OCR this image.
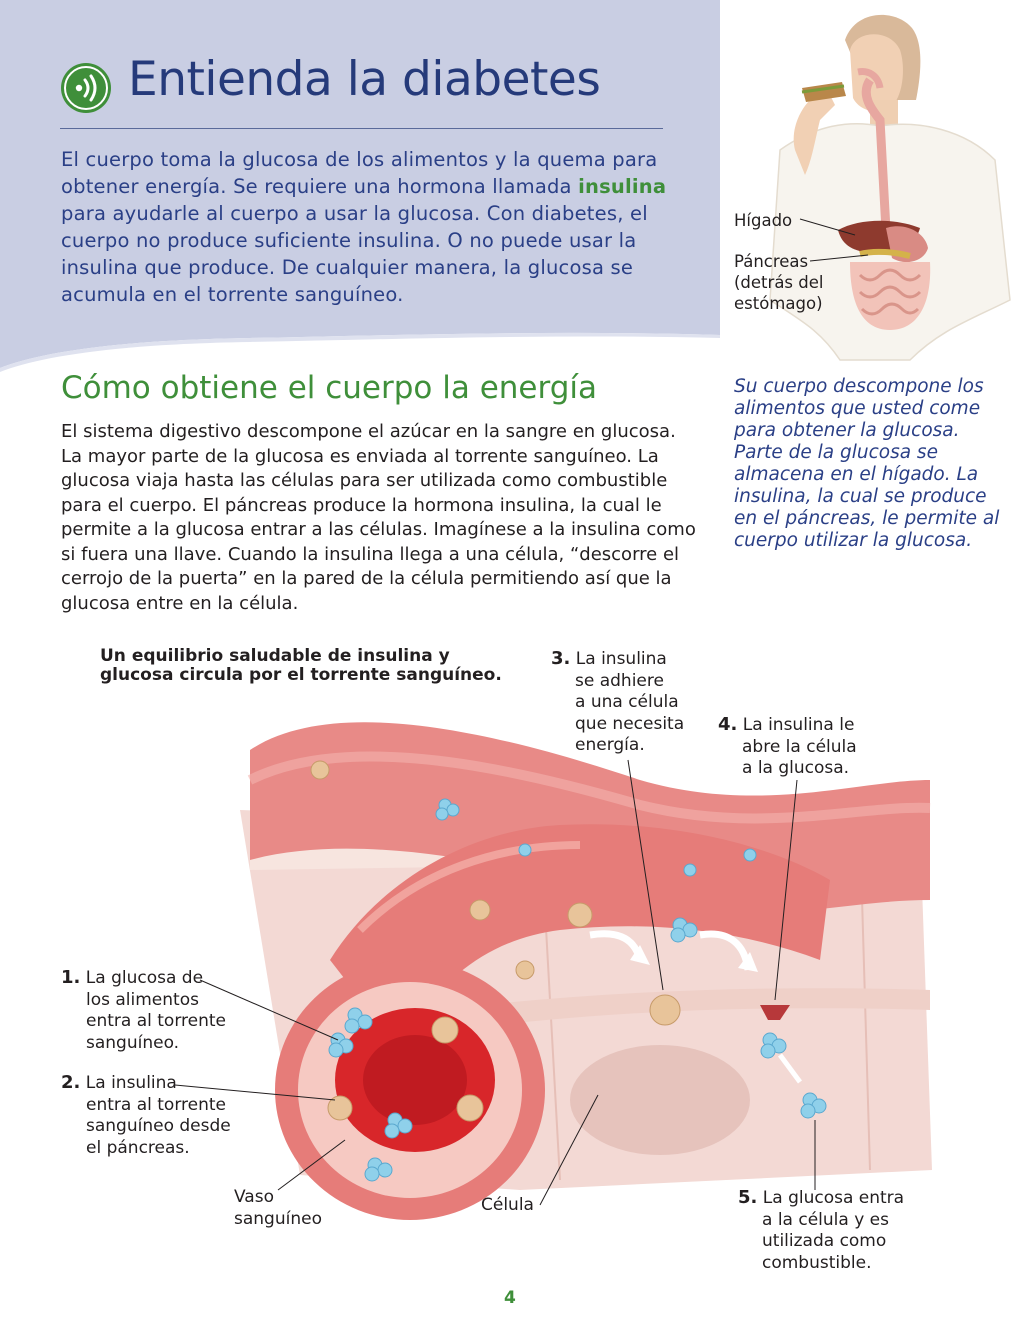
Entienda la diabetes

El cuerpo toma la glucosa de los alimentos y la quema para obtener energía. Se requiere una hormona llamada insulina para ayudarle al cuerpo a usar la glucosa. Con diabetes, el cuerpo no produce suficiente insulina. O no puede usar la insulina que produce. De cualquier manera, la glucosa se acumula en el torrente sanguíneo.

Hígado
Páncreas
(detrás del
estómago)

Su cuerpo descompone los alimentos que usted come para obtener la glucosa. Parte de la glucosa se almacena en el hígado. La insulina, la cual se produce en el páncreas, le permite al cuerpo utilizar la glucosa.

Cómo obtiene el cuerpo la energía

El sistema digestivo descompone el azúcar en la sangre en glucosa. La mayor parte de la glucosa es enviada al torrente sanguíneo. La glucosa viaja hasta las células para ser utilizada como combustible para el cuerpo. El páncreas produce la hormona insulina, la cual le permite a la glucosa entrar a las células. Imagínese a la insulina como si fuera una llave. Cuando la insulina llega a una célula, “descorre el cerrojo de la puerta” en la pared de la célula permitiendo así que la glucosa entre en la célula.

Un equilibrio saludable de insulina y
glucosa circula por el torrente sanguíneo.
1. La glucosa de
los alimentos
entra al torrente
sanguíneo.
2. La insulina
entra al torrente
sanguíneo desde
el páncreas.
3. La insulina
se adhiere
a una célula
que necesita
energía.
4. La insulina le
abre la célula
a la glucosa.
5. La glucosa entra
a la célula y es
utilizada como
combustible.
Vaso
sanguíneo
Célula
4
